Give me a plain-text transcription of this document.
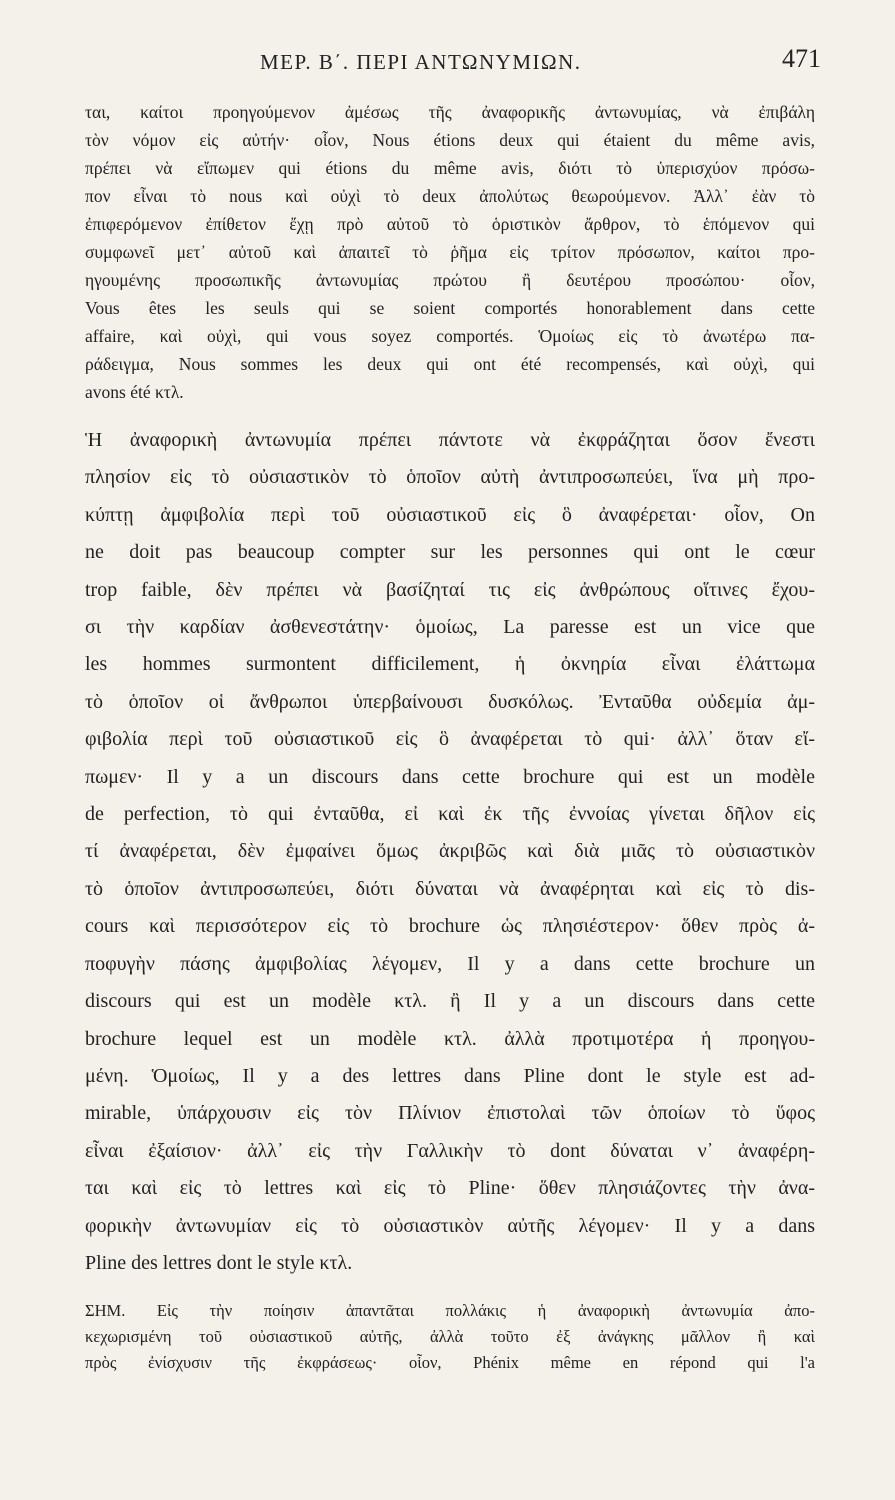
ΜΕΡ. Β΄. ΠΕΡΙ ΑΝΤΩΝΥΜΙΩΝ.	471
ται, καίτοι προηγούμενον ἀμέσως τῆς ἀναφορικῆς ἀντωνυμίας, νὰ ἐπιβάλη
τὸν νόμον εἰς αὐτήν· οἷον, Nous étions deux qui étaient du même avis,
πρέπει νὰ εἴπωμεν qui étions du même avis, διότι τὸ ὑπερισχύον πρόσω-
πον εἶναι τὸ nous καὶ οὐχὶ τὸ deux ἀπολύτως θεωρούμενον. Ἀλλ᾽ ἐὰν τὸ
ἐπιφερόμενον ἐπίθετον ἔχῃ πρὸ αὐτοῦ τὸ ὁριστικὸν ἄρθρον, τὸ ἑπόμενον qui
συμφωνεῖ μετ᾽ αὐτοῦ καὶ ἀπαιτεῖ τὸ ῥῆμα εἰς τρίτον πρόσωπον, καίτοι προ-
ηγουμένης προσωπικῆς ἀντωνυμίας πρώτου ἢ δευτέρου προσώπου· οἷον,
Vous êtes les seuls qui se soient comportés honorablement dans cette
affaire, καὶ οὐχὶ, qui vous soyez comportés. Ὁμοίως εἰς τὸ ἀνωτέρω πα-
ράδειγμα, Nous sommes les deux qui ont été recompensés, καὶ οὐχὶ, qui
avons été κτλ.
Ἡ ἀναφορικὴ ἀντωνυμία πρέπει πάντοτε νὰ ἐκφράζηται ὅσον ἔνεστι
πλησίον εἰς τὸ οὐσιαστικὸν τὸ ὁποῖον αὐτὴ ἀντιπροσωπεύει, ἵνα μὴ προ-
κύπτῃ ἀμφιβολία περὶ τοῦ οὐσιαστικοῦ εἰς ὃ ἀναφέρεται· οἷον, On
ne doit pas beaucoup compter sur les personnes qui ont le cœur
trop faible, δὲν πρέπει νὰ βασίζηταί τις εἰς ἀνθρώπους οἵτινες ἔχου-
σι τὴν καρδίαν ἀσθενεστάτην· ὁμοίως, La paresse est un vice que
les hommes surmontent difficilement, ἡ ὀκνηρία εἶναι ἐλάττωμα
τὸ ὁποῖον οἱ ἄνθρωποι ὑπερβαίνουσι δυσκόλως. Ἐνταῦθα οὐδεμία ἀμ-
φιβολία περὶ τοῦ οὐσιαστικοῦ εἰς ὃ ἀναφέρεται τὸ qui· ἀλλ᾽ ὅταν εἴ-
πωμεν· Il y a un discours dans cette brochure qui est un modèle
de perfection, τὸ qui ἐνταῦθα, εἰ καὶ ἐκ τῆς ἐννοίας γίνεται δῆλον εἰς
τί ἀναφέρεται, δὲν ἐμφαίνει ὅμως ἀκριβῶς καὶ διὰ μιᾶς τὸ οὐσιαστικὸν
τὸ ὁποῖον ἀντιπροσωπεύει, διότι δύναται νὰ ἀναφέρηται καὶ εἰς τὸ dis-
cours καὶ περισσότερον εἰς τὸ brochure ὡς πλησιέστερον· ὅθεν πρὸς ἀ-
ποφυγὴν πάσης ἀμφιβολίας λέγομεν, Il y a dans cette brochure un
discours qui est un modèle κτλ. ἢ Il y a un discours dans cette
brochure lequel est un modèle κτλ. ἀλλὰ προτιμοτέρα ἡ προηγου-
μένη. Ὁμοίως, Il y a des lettres dans Pline dont le style est ad-
mirable, ὑπάρχουσιν εἰς τὸν Πλίνιον ἐπιστολαὶ τῶν ὁποίων τὸ ὕφος
εἶναι ἐξαίσιον· ἀλλ᾽ εἰς τὴν Γαλλικὴν τὸ dont δύναται ν᾽ ἀναφέρη-
ται καὶ εἰς τὸ lettres καὶ εἰς τὸ Pline· ὅθεν πλησιάζοντες τὴν ἀνα-
φορικὴν ἀντωνυμίαν εἰς τὸ οὐσιαστικὸν αὐτῆς λέγομεν· Il y a dans
Pline des lettres dont le style κτλ.
ΣΗΜ. Εἰς τὴν ποίησιν ἀπαντᾶται πολλάκις ἡ ἀναφορικὴ ἀντωνυμία ἀπο-
κεχωρισμένη τοῦ οὐσιαστικοῦ αὐτῆς, ἀλλὰ τοῦτο ἐξ ἀνάγκης μᾶλλον ἢ καὶ
πρὸς ἐνίσχυσιν τῆς ἐκφράσεως· οἷον, Phénix même en répond qui l'a
